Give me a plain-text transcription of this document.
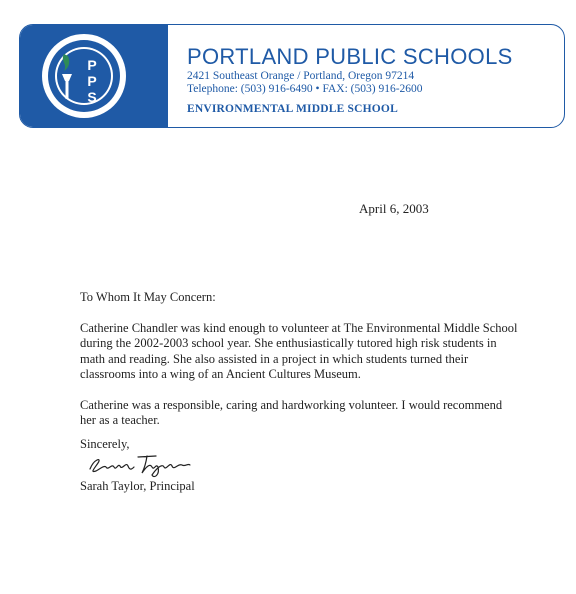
P
P
S
PORTLAND PUBLIC SCHOOLS
2421 Southeast Orange / Portland, Oregon 97214
Telephone: (503) 916-6490 • FAX: (503) 916-2600
ENVIRONMENTAL MIDDLE SCHOOL
April 6, 2003

To Whom It May Concern:

Catherine Chandler was kind enough to volunteer at The Environmental Middle School during the 2002-2003 school year. She enthusiastically tutored high risk students in math and reading. She also assisted in a project in which students turned their classrooms into a wing of an Ancient Cultures Museum.

Catherine was a responsible, caring and hardworking volunteer. I would recommend her as a teacher.

Sincerely,
Sarah Taylor, Principal
